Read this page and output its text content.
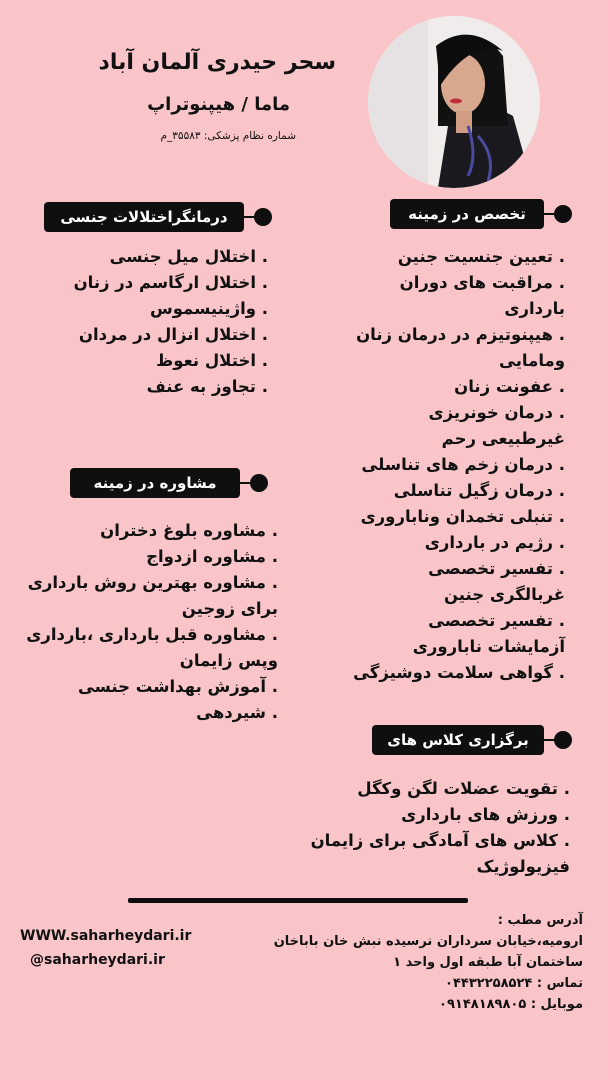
سحر حیدری آلمان آباد
ماما / هیپنوتراپ
شماره نظام پزشکی: ۳۵۵۸۳_م
درمانگراختلالات جنسی
. اختلال میل جنسی
. اختلال ارگاسم در زنان
. واژینیسموس
. اختلال انزال در مردان
. اختلال نعوظ
. تجاوز به عنف
مشاوره در زمینه
. مشاوره بلوغ دختران
. مشاوره ازدواج
. مشاوره بهترین روش بارداری
برای زوجین
. مشاوره قبل بارداری ،بارداری
وپس زایمان
. آموزش بهداشت جنسی
. شیردهی
تخصص در زمینه
. تعیین جنسیت جنین
. مراقبت های دوران
بارداری
. هیپنوتیزم در درمان زنان
ومامایی
. عفونت زنان
. درمان خونریزی
غیرطبیعی رحم
. درمان زخم های تناسلی
. درمان زگیل تناسلی
. تنبلی تخمدان وناباروری
. رژیم در بارداری
. تفسیر تخصصی
غربالگری جنین
. تفسیر تخصصی
آزمایشات ناباروری
. گواهی سلامت دوشیزگی
برگزاری کلاس های
. تقویت عضلات لگن وکگل
. ورزش های بارداری
. کلاس های آمادگی برای زایمان
فیزیولوژیک
WWW.saharheydari.ir
@saharheydari.ir
آدرس مطب :
ارومیه،خیابان سرداران نرسیده نبش خان باباخان
ساختمان آبا طبقه اول واحد ۱
تماس : ۰۴۴۳۲۲۵۸۵۲۴
موبایل : ۰۹۱۴۸۱۸۹۸۰۵
